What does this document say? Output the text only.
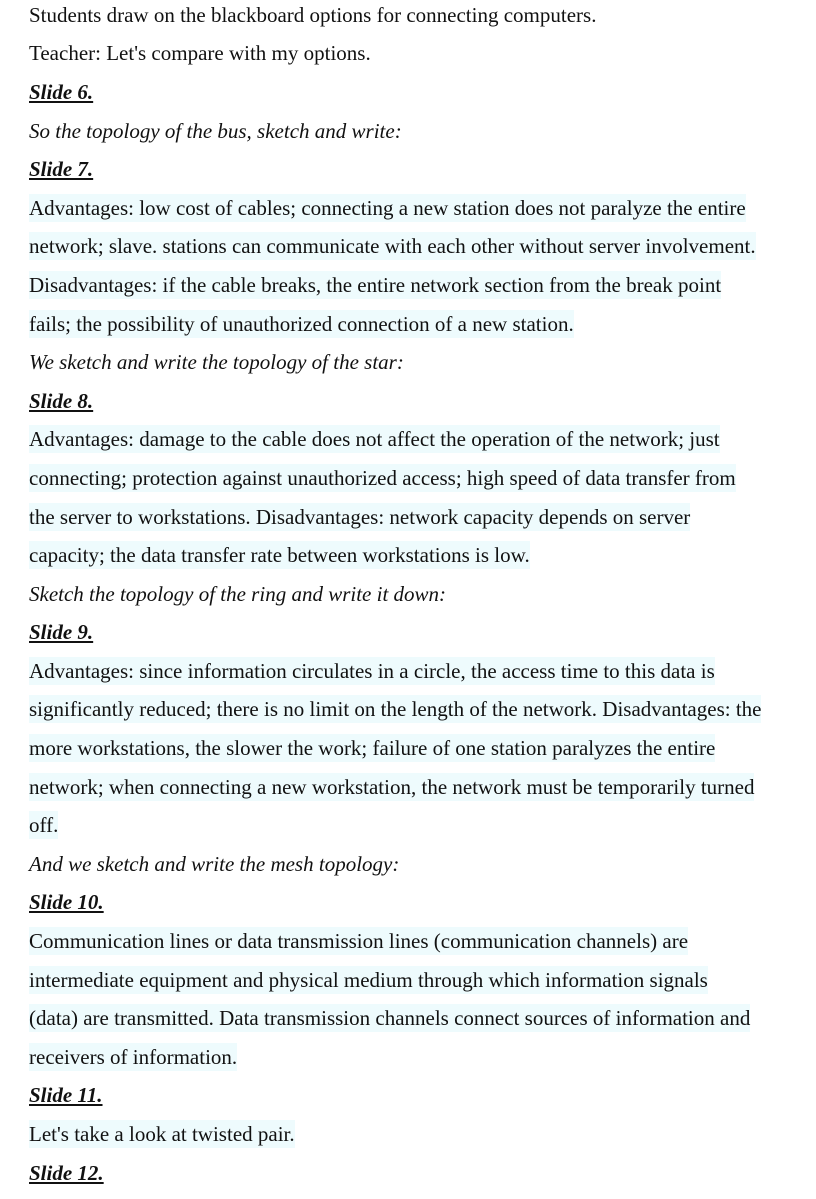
Students draw on the blackboard options for connecting computers.
Teacher: Let's compare with my options.
Slide 6.
So the topology of the bus, sketch and write:
Slide 7.
Advantages: low cost of cables; connecting a new station does not paralyze the entire
network; slave. stations can communicate with each other without server involvement.
Disadvantages: if the cable breaks, the entire network section from the break point
fails; the possibility of unauthorized connection of a new station.
We sketch and write the topology of the star:
Slide 8.
Advantages: damage to the cable does not affect the operation of the network; just
connecting; protection against unauthorized access; high speed of data transfer from
the server to workstations. Disadvantages: network capacity depends on server
capacity; the data transfer rate between workstations is low.
Sketch the topology of the ring and write it down:
Slide 9.
Advantages: since information circulates in a circle, the access time to this data is
significantly reduced; there is no limit on the length of the network. Disadvantages: the
more workstations, the slower the work; failure of one station paralyzes the entire
network; when connecting a new workstation, the network must be temporarily turned
off.
And we sketch and write the mesh topology:
Slide 10.
Communication lines or data transmission lines (communication channels) are
intermediate equipment and physical medium through which information signals
(data) are transmitted. Data transmission channels connect sources of information and
receivers of information.
Slide 11.
Let's take a look at twisted pair.
Slide 12.
